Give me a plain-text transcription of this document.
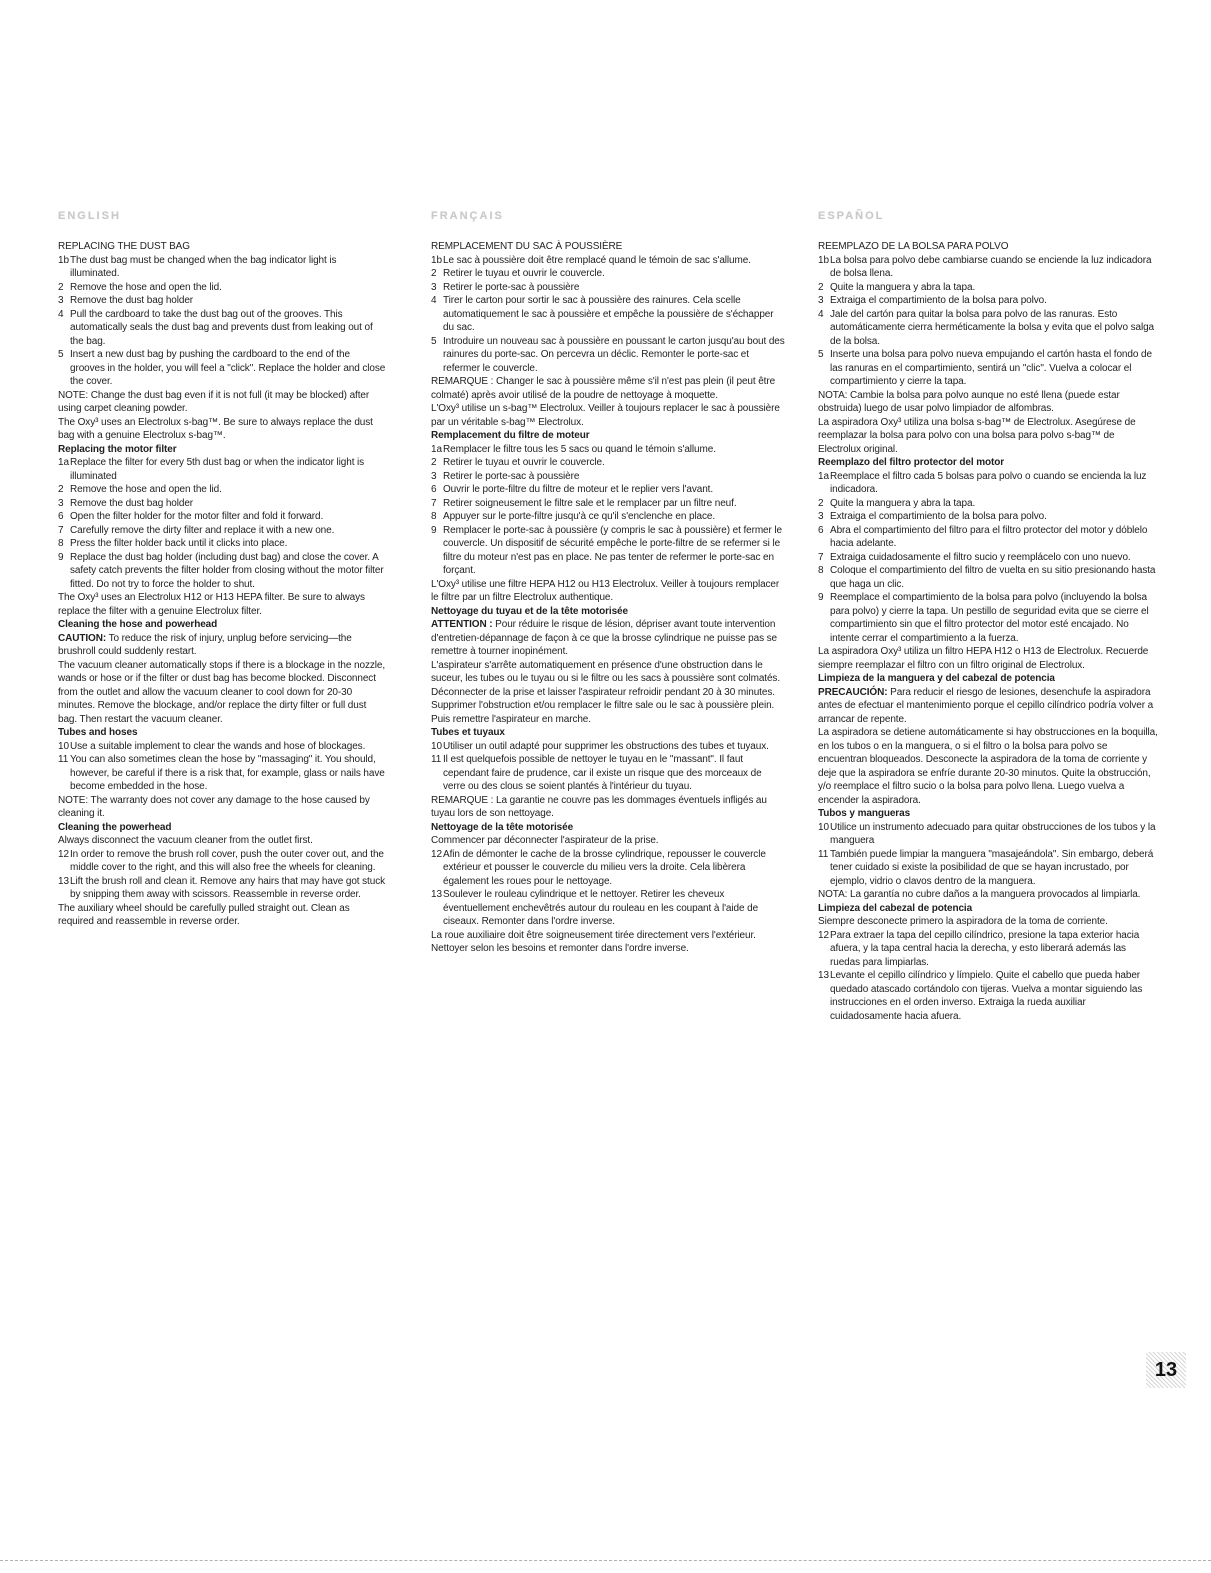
ENGLISH
REPLACING THE DUST BAG
1b The dust bag must be changed when the bag indicator light is illuminated.
2 Remove the hose and open the lid.
3 Remove the dust bag holder
4 Pull the cardboard to take the dust bag out of the grooves. This automatically seals the dust bag and prevents dust from leaking out of the bag.
5 Insert a new dust bag by pushing the cardboard to the end of the grooves in the holder, you will feel a "click". Replace the holder and close the cover.
NOTE: Change the dust bag even if it is not full (it may be blocked) after using carpet cleaning powder.
The Oxy³ uses an Electrolux s-bag™. Be sure to always replace the dust bag with a genuine Electrolux s-bag™.
Replacing the motor filter
1a Replace the filter for every 5th dust bag or when the indicator light is illuminated
2 Remove the hose and open the lid.
3 Remove the dust bag holder
6 Open the filter holder for the motor filter and fold it forward.
7 Carefully remove the dirty filter and replace it with a new one.
8 Press the filter holder back until it clicks into place.
9 Replace the dust bag holder (including dust bag) and close the cover. A safety catch prevents the filter holder from closing without the motor filter fitted. Do not try to force the holder to shut.
The Oxy³ uses an Electrolux H12 or H13 HEPA filter. Be sure to always replace the filter with a genuine Electrolux filter.
Cleaning the hose and powerhead
CAUTION: To reduce the risk of injury, unplug before servicing—the brushroll could suddenly restart.
The vacuum cleaner automatically stops if there is a blockage in the nozzle, wands or hose or if the filter or dust bag has become blocked. Disconnect from the outlet and allow the vacuum cleaner to cool down for 20-30 minutes. Remove the blockage, and/or replace the dirty filter or full dust bag. Then restart the vacuum cleaner.
Tubes and hoses
10 Use a suitable implement to clear the wands and hose of blockages.
11 You can also sometimes clean the hose by "massaging" it. You should, however, be careful if there is a risk that, for example, glass or nails have become embedded in the hose.
NOTE: The warranty does not cover any damage to the hose caused by cleaning it.
Cleaning the powerhead
Always disconnect the vacuum cleaner from the outlet first.
12 In order to remove the brush roll cover, push the outer cover out, and the middle cover to the right, and this will also free the wheels for cleaning.
13 Lift the brush roll and clean it. Remove any hairs that may have got stuck by snipping them away with scissors. Reassemble in reverse order.
The auxiliary wheel should be carefully pulled straight out. Clean as required and reassemble in reverse order.
FRANÇAIS
REMPLACEMENT DU SAC À POUSSIÈRE
1b Le sac à poussière doit être remplacé quand le témoin de sac s'allume.
2 Retirer le tuyau et ouvrir le couvercle.
3 Retirer le porte-sac à poussière
4 Tirer le carton pour sortir le sac à poussière des rainures. Cela scelle automatiquement le sac à poussière et empêche la poussière de s'échapper du sac.
5 Introduire un nouveau sac à poussière en poussant le carton jusqu'au bout des rainures du porte-sac. On percevra un déclic. Remonter le porte-sac et refermer le couvercle.
REMARQUE : Changer le sac à poussière même s'il n'est pas plein (il peut être colmaté) après avoir utilisé de la poudre de nettoyage à moquette.
L'Oxy³ utilise un s-bag™ Electrolux. Veiller à toujours replacer le sac à poussière par un véritable s-bag™ Electrolux.
Remplacement du filtre de moteur
1a Remplacer le filtre tous les 5 sacs ou quand le témoin s'allume.
2 Retirer le tuyau et ouvrir le couvercle.
3 Retirer le porte-sac à poussière
6 Ouvrir le porte-filtre du filtre de moteur et le replier vers l'avant.
7 Retirer soigneusement le filtre sale et le remplacer par un filtre neuf.
8 Appuyer sur le porte-filtre jusqu'à ce qu'il s'enclenche en place.
9 Remplacer le porte-sac à poussière (y compris le sac à poussière) et fermer le couvercle. Un dispositif de sécurité empêche le porte-filtre de se refermer si le filtre du moteur n'est pas en place. Ne pas tenter de refermer le porte-sac en forçant.
L'Oxy³ utilise une filtre HEPA H12 ou H13 Electrolux. Veiller à toujours remplacer le filtre par un filtre Electrolux authentique.
Nettoyage du tuyau et de la tête motorisée
ATTENTION : Pour réduire le risque de lésion, dépriser avant toute intervention d'entretien-dépannage de façon à ce que la brosse cylindrique ne puisse pas se remettre à tourner inopinément.
L'aspirateur s'arrête automatiquement en présence d'une obstruction dans le suceur, les tubes ou le tuyau ou si le filtre ou les sacs à poussière sont colmatés. Déconnecter de la prise et laisser l'aspirateur refroidir pendant 20 à 30 minutes. Supprimer l'obstruction et/ou remplacer le filtre sale ou le sac à poussière plein. Puis remettre l'aspirateur en marche.
Tubes et tuyaux
10 Utiliser un outil adapté pour supprimer les obstructions des tubes et tuyaux.
11 Il est quelquefois possible de nettoyer le tuyau en le "massant". Il faut cependant faire de prudence, car il existe un risque que des morceaux de verre ou des clous se soient plantés à l'intérieur du tuyau.
REMARQUE : La garantie ne couvre pas les dommages éventuels infligés au tuyau lors de son nettoyage.
Nettoyage de la tête motorisée
Commencer par déconnecter l'aspirateur de la prise.
12 Afin de démonter le cache de la brosse cylindrique, repousser le couvercle extérieur et pousser le couvercle du milieu vers la droite. Cela libèrera également les roues pour le nettoyage.
13 Soulever le rouleau cylindrique et le nettoyer. Retirer les cheveux éventuellement enchevêtrés autour du rouleau en les coupant à l'aide de ciseaux. Remonter dans l'ordre inverse.
La roue auxiliaire doit être soigneusement tirée directement vers l'extérieur. Nettoyer selon les besoins et remonter dans l'ordre inverse.
ESPAÑOL
REEMPLAZO DE LA BOLSA PARA POLVO
1b La bolsa para polvo debe cambiarse cuando se enciende la luz indicadora de bolsa llena.
2 Quite la manguera y abra la tapa.
3 Extraiga el compartimiento de la bolsa para polvo.
4 Jale del cartón para quitar la bolsa para polvo de las ranuras. Esto automáticamente cierra herméticamente la bolsa y evita que el polvo salga de la bolsa.
5 Inserte una bolsa para polvo nueva empujando el cartón hasta el fondo de las ranuras en el compartimiento, sentirá un "clic". Vuelva a colocar el compartimiento y cierre la tapa.
NOTA: Cambie la bolsa para polvo aunque no esté llena (puede estar obstruida) luego de usar polvo limpiador de alfombras.
La aspiradora Oxy³ utiliza una bolsa s-bag™ de Electrolux. Asegúrese de reemplazar la bolsa para polvo con una bolsa para polvo s-bag™ de Electrolux original.
Reemplazo del filtro protector del motor
1a Reemplace el filtro cada 5 bolsas para polvo o cuando se encienda la luz indicadora.
2 Quite la manguera y abra la tapa.
3 Extraiga el compartimiento de la bolsa para polvo.
6 Abra el compartimiento del filtro para el filtro protector del motor y dóblelo hacia adelante.
7 Extraiga cuidadosamente el filtro sucio y reemplácelo con uno nuevo.
8 Coloque el compartimiento del filtro de vuelta en su sitio presionando hasta que haga un clic.
9 Reemplace el compartimiento de la bolsa para polvo (incluyendo la bolsa para polvo) y cierre la tapa. Un pestillo de seguridad evita que se cierre el compartimiento sin que el filtro protector del motor esté encajado. No intente cerrar el compartimiento a la fuerza.
La aspiradora Oxy³ utiliza un filtro HEPA H12 o H13 de Electrolux. Recuerde siempre reemplazar el filtro con un filtro original de Electrolux.
Limpieza de la manguera y del cabezal de potencia
PRECAUCIÓN: Para reducir el riesgo de lesiones, desenchufe la aspiradora antes de efectuar el mantenimiento porque el cepillo cilíndrico podría volver a arrancar de repente.
La aspiradora se detiene automáticamente si hay obstrucciones en la boquilla, en los tubos o en la manguera, o si el filtro o la bolsa para polvo se encuentran bloqueados. Desconecte la aspiradora de la toma de corriente y deje que la aspiradora se enfríe durante 20-30 minutos. Quite la obstrucción, y/o reemplace el filtro sucio o la bolsa para polvo llena. Luego vuelva a encender la aspiradora.
Tubos y mangueras
10 Utilice un instrumento adecuado para quitar obstrucciones de los tubos y la manguera
11 También puede limpiar la manguera "masajeándola". Sin embargo, deberá tener cuidado si existe la posibilidad de que se hayan incrustado, por ejemplo, vidrio o clavos dentro de la manguera.
NOTA: La garantía no cubre daños a la manguera provocados al limpiarla.
Limpieza del cabezal de potencia
Siempre desconecte primero la aspiradora de la toma de corriente.
12 Para extraer la tapa del cepillo cilíndrico, presione la tapa exterior hacia afuera, y la tapa central hacia la derecha, y esto liberará además las ruedas para limpiarlas.
13 Levante el cepillo cilíndrico y límpielo. Quite el cabello que pueda haber quedado atascado cortándolo con tijeras. Vuelva a montar siguiendo las instrucciones en el orden inverso. Extraiga la rueda auxiliar cuidadosamente hacia afuera.
13
